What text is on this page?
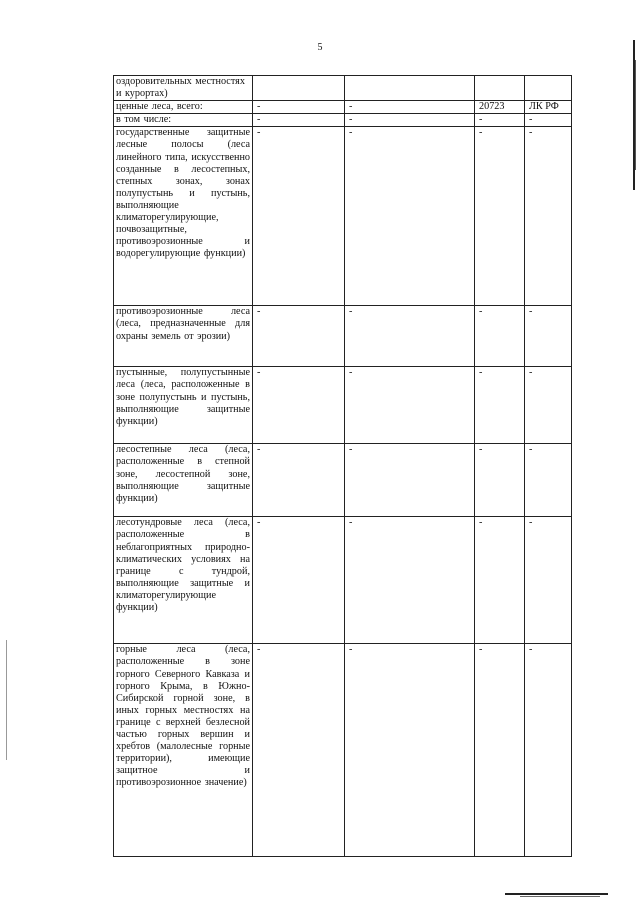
5
оздоровительных местностях и курортах)				
ценные леса, всего:	-	-	20723	ЛК РФ
в том числе:	-	-	-	-
государственные защитные лесные полосы (леса линейного типа, искусственно созданные в лесостепных, степных зонах, зонах полупустынь и пустынь, выполняющие климаторегулирующие, почвозащитные, противоэрозионные и водорегулирующие функции)	-	-	-	-
противоэрозионные леса (леса, предназначенные для охраны земель от эрозии)	-	-	-	-
пустынные, полупустынные леса (леса, расположенные в зоне полупустынь и пустынь, выполняющие защитные функции)	-	-	-	-
лесостепные леса (леса, расположенные в степной зоне, лесостепной зоне, выполняющие защитные функции)	-	-	-	-
лесотундровые леса (леса, расположенные в неблагоприятных природно-климатических условиях на границе с тундрой, выполняющие защитные и климаторегулирующие функции)	-	-	-	-
горные леса (леса, расположенные в зоне горного Северного Кавказа и горного Крыма, в Южно-Сибирской горной зоне, в иных горных местностях на границе с верхней безлесной частью горных вершин и хребтов (малолесные горные территории), имеющие защитное и противоэрозионное значение)	-	-	-	-
